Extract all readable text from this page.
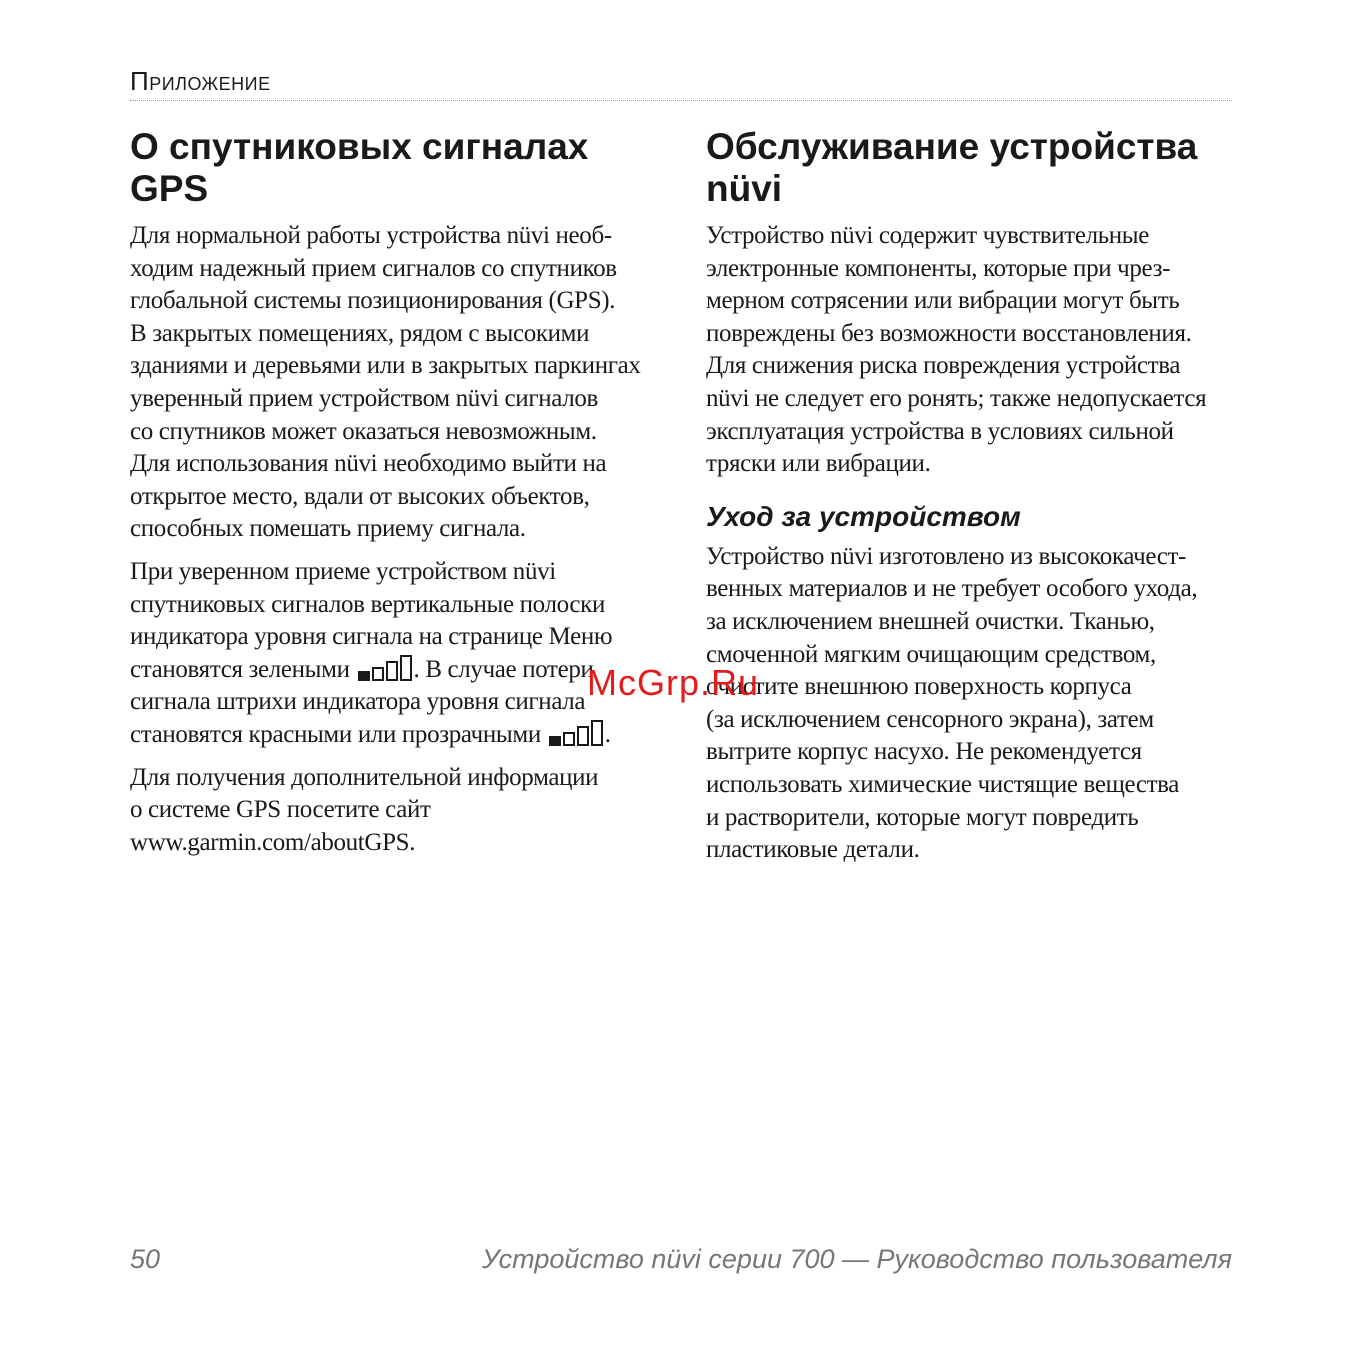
Приложение
О спутниковых сигналах GPS

Для нормальной работы устройства nüvi необ-
ходим надежный прием сигналов со спутников
глобальной системы позиционирования (GPS).
В закрытых помещениях, рядом с высокими
зданиями и деревьями или в закрытых паркингах
уверенный прием устройством nüvi сигналов
со спутников может оказаться невозможным.
Для использования nüvi необходимо выйти на
открытое место, вдали от высоких объектов,
способных помешать приему сигнала.

При уверенном приеме устройством nüvi
спутниковых сигналов вертикальные полоски
индикатора уровня сигнала на странице Меню
становятся зелеными
. В случае потери
сигнала штрихи индикатора уровня сигнала
становятся красными или прозрачными
.

Для получения дополнительной информации
о системе GPS посетите сайт
www.garmin.com/aboutGPS.

Обслуживание устройства nüvi

Устройство nüvi содержит чувствительные
электронные компоненты, которые при чрез-
мерном сотрясении или вибрации могут быть
повреждены без возможности восстановления.
Для снижения риска повреждения устройства
nüvi не следует его ронять; также недопускается
эксплуатация устройства в условиях сильной
тряски или вибрации.

Уход за устройством

Устройство nüvi изготовлено из высококачест-
венных материалов и не требует особого ухода,
за исключением внешней очистки. Тканью,
смоченной мягким очищающим средством,
очистите внешнюю поверхность корпуса
(за исключением сенсорного экрана), затем
вытрите корпус насухо. Не рекомендуется
использовать химические чистящие вещества
и растворители, которые могут повредить
пластиковые детали.

McGrp.Ru
50	Устройство nüvi серии 700 — Руководство пользователя
